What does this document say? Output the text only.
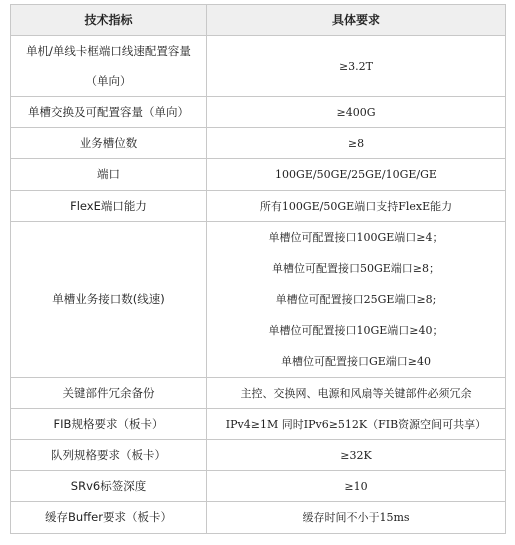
技术指标	具体要求

单机/单线卡框端口线速配置容量
（单向）	≥3.2T
单槽交换及可配置容量（单向）	≥400G
业务槽位数	≥8
端口	100GE/50GE/25GE/10GE/GE
FlexE端口能力	所有100GE/50GE端口支持FlexE能力
单槽业务接口数(线速)	单槽位可配置接口100GE端口≥4；
单槽位可配置接口50GE端口≥8；
单槽位可配置接口25GE端口≥8;
单槽位可配置接口10GE端口≥40；
单槽位可配置接口GE端口≥40

关键部件冗余备份	主控、交换网、电源和风扇等关键部件必须冗余
FIB规格要求（板卡）	IPv4≥1M 同时IPv6≥512K（FIB资源空间可共享）
队列规格要求（板卡）	≥32K
SRv6标签深度	≥10
缓存Buffer要求（板卡）	缓存时间不小于15ms
